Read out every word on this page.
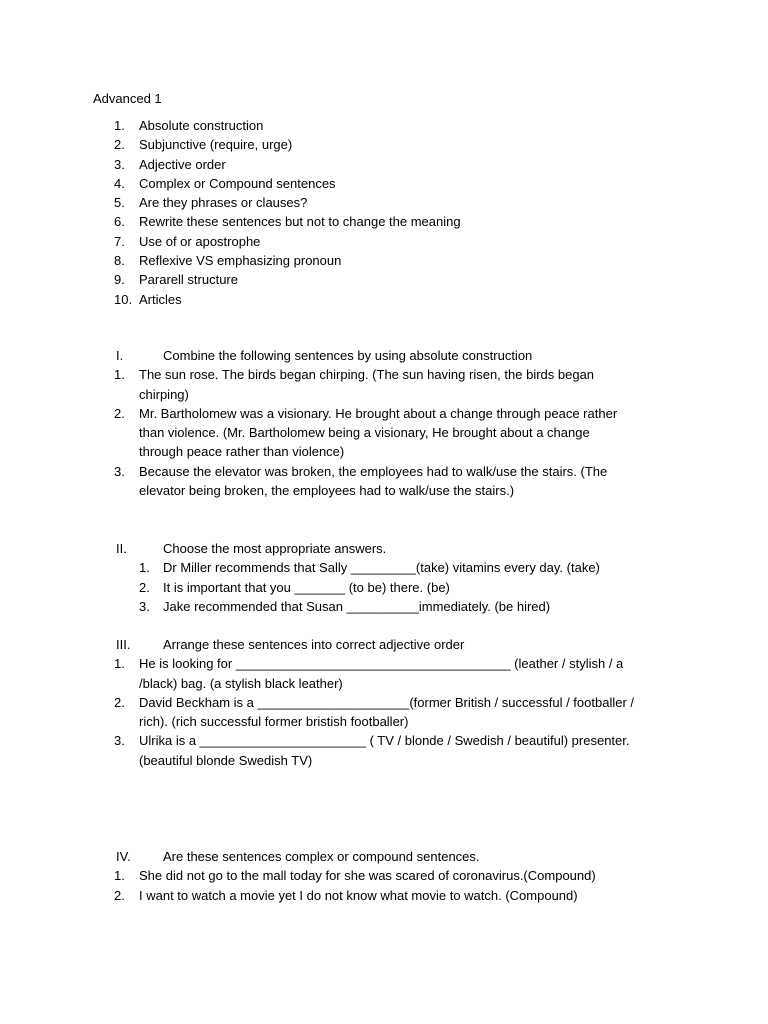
Advanced 1
1. Absolute construction
2. Subjunctive (require, urge)
3. Adjective order
4. Complex or Compound sentences
5. Are they phrases or clauses?
6. Rewrite these sentences but not to change the meaning
7. Use of or apostrophe
8. Reflexive VS emphasizing pronoun
9. Pararell structure
10. Articles
I.	Combine the following sentences by using absolute construction
1. The sun rose. The birds began chirping. (The sun having risen, the birds began
chirping)
2. Mr. Bartholomew was a visionary. He brought about a change through peace rather
than violence. (Mr. Bartholomew being a visionary, He brought about a change
through peace rather than violence)
3. Because the elevator was broken, the employees had to walk/use the stairs. (The
elevator being broken, the employees had to walk/use the stairs.)
II.	Choose the most appropriate answers.
1. Dr Miller recommends that Sally _________(take) vitamins every day. (take)
2. It is important that you _______ (to be) there. (be)
3. Jake recommended that Susan __________immediately. (be hired)
III.	Arrange these sentences into correct adjective order
1. He is looking for ______________________________________ (leather / stylish / a
/black) bag. (a stylish black leather)
2. David Beckham is a _____________________(former British / successful / footballer /
rich). (rich successful former bristish footballer)
3. Ulrika is a _______________________ ( TV / blonde / Swedish / beautiful) presenter.
(beautiful blonde Swedish TV)
IV. Are these sentences complex or compound sentences.
1. She did not go to the mall today for she was scared of coronavirus.(Compound)
2. I want to watch a movie yet I do not know what movie to watch. (Compound)
